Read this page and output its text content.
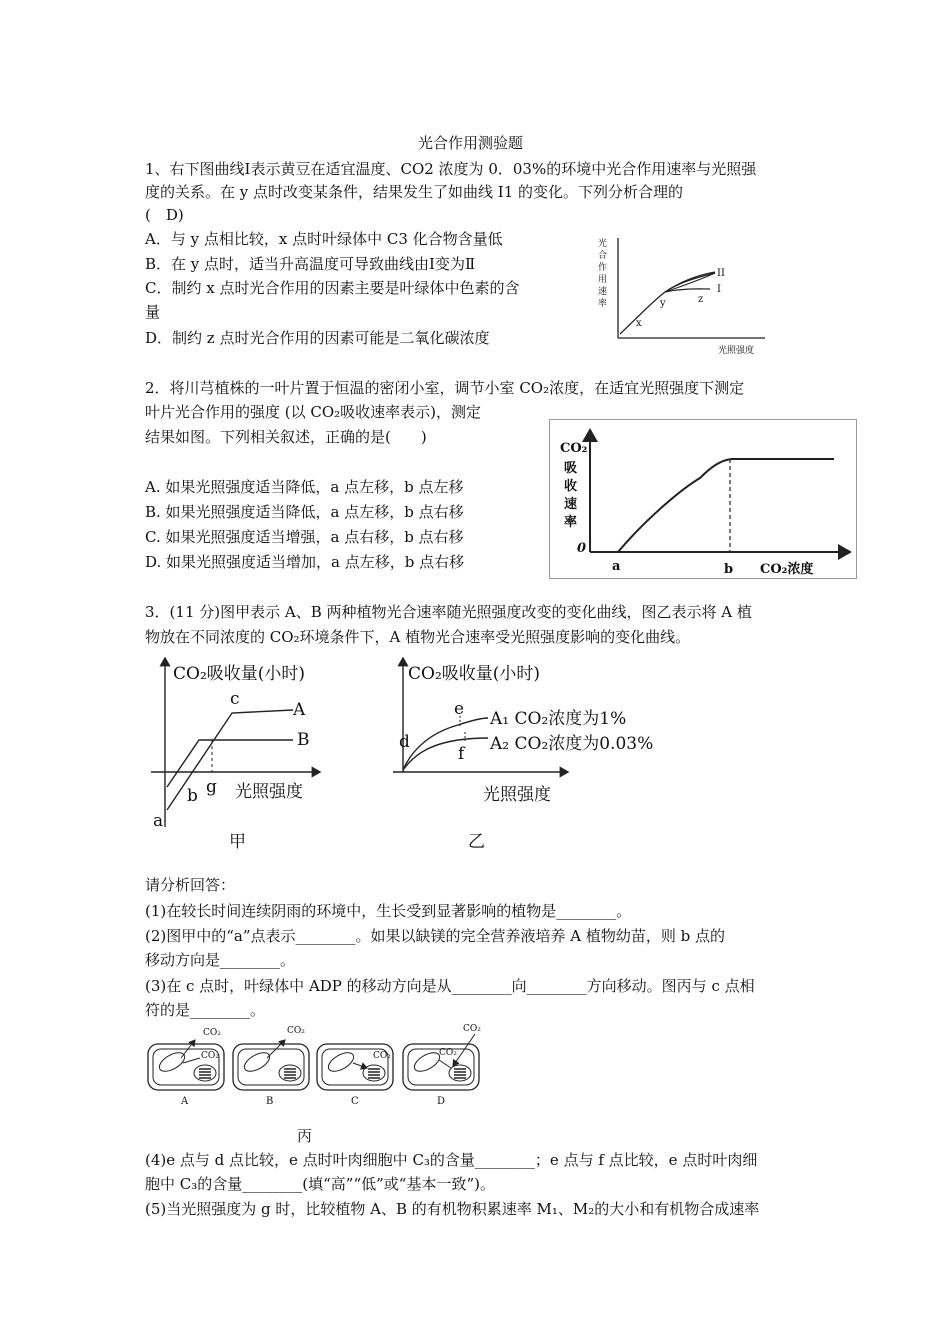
光合作用测验题
1、右下图曲线Ⅰ表示黄豆在适宜温度、CO2 浓度为 0．03%的环境中光合作用速率与光照强
度的关系。在 y 点时改变某条件，结果发生了如曲线 I1 的变化。下列分析合理的
(　D)
A．与 y 点相比较，x 点时叶绿体中 C3 化合物含量低
B．在 y 点时，适当升高温度可导致曲线由Ⅰ变为Ⅱ
C．制约 x 点时光合作用的因素主要是叶绿体中色素的含
量
D．制约 z 点时光合作用的因素可能是二氧化碳浓度
光
合
作
用
速
率
光照强度
II
I
x
y	z
2．将川芎植株的一叶片置于恒温的密闭小室，调节小室 CO₂浓度，在适宜光照强度下测定
叶片光合作用的强度 (以 CO₂吸收速率表示)，测定
结果如图。下列相关叙述，正确的是(　　)
A. 如果光照强度适当降低，a 点左移，b 点左移
B. 如果光照强度适当降低，a 点左移，b 点右移
C. 如果光照强度适当增强，a 点右移，b 点右移
D. 如果光照强度适当增加，a 点左移，b 点右移
CO₂
吸
收
速
率
0
a	b CO₂浓度
3．(11 分)图甲表示 A、B 两种植物光合速率随光照强度改变的变化曲线，图乙表示将 A 植
物放在不同浓度的 CO₂环境条件下，A 植物光合速率受光照强度影响的变化曲线。
CO₂吸收量(小时)
c
A
B
g
b
a
光照强度
甲
CO₂吸收量(小时)
e
f
d
A₁ CO₂浓度为1%
A₂ CO₂浓度为0.03%
光照强度
乙
请分析回答：
(1)在较长时间连续阴雨的环境中，生长受到显著影响的植物是________。
(2)图甲中的“a”点表示________。如果以缺镁的完全营养液培养 A 植物幼苗，则 b 点的
移动方向是________。
(3)在 c 点时，叶绿体中 ADP 的移动方向是从________向________方向移动。图丙与 c 点相
符的是________。
CO₂
CO₂
A
CO₂
B
CO₂
C
CO₂
CO₂
D
丙
(4)e 点与 d 点比较，e 点时叶肉细胞中 C₃的含量________；e 点与 f 点比较，e 点时叶肉细
胞中 C₃的含量________(填“高”“低”或“基本一致”)。
(5)当光照强度为 g 时，比较植物 A、B 的有机物积累速率 M₁、M₂的大小和有机物合成速率
